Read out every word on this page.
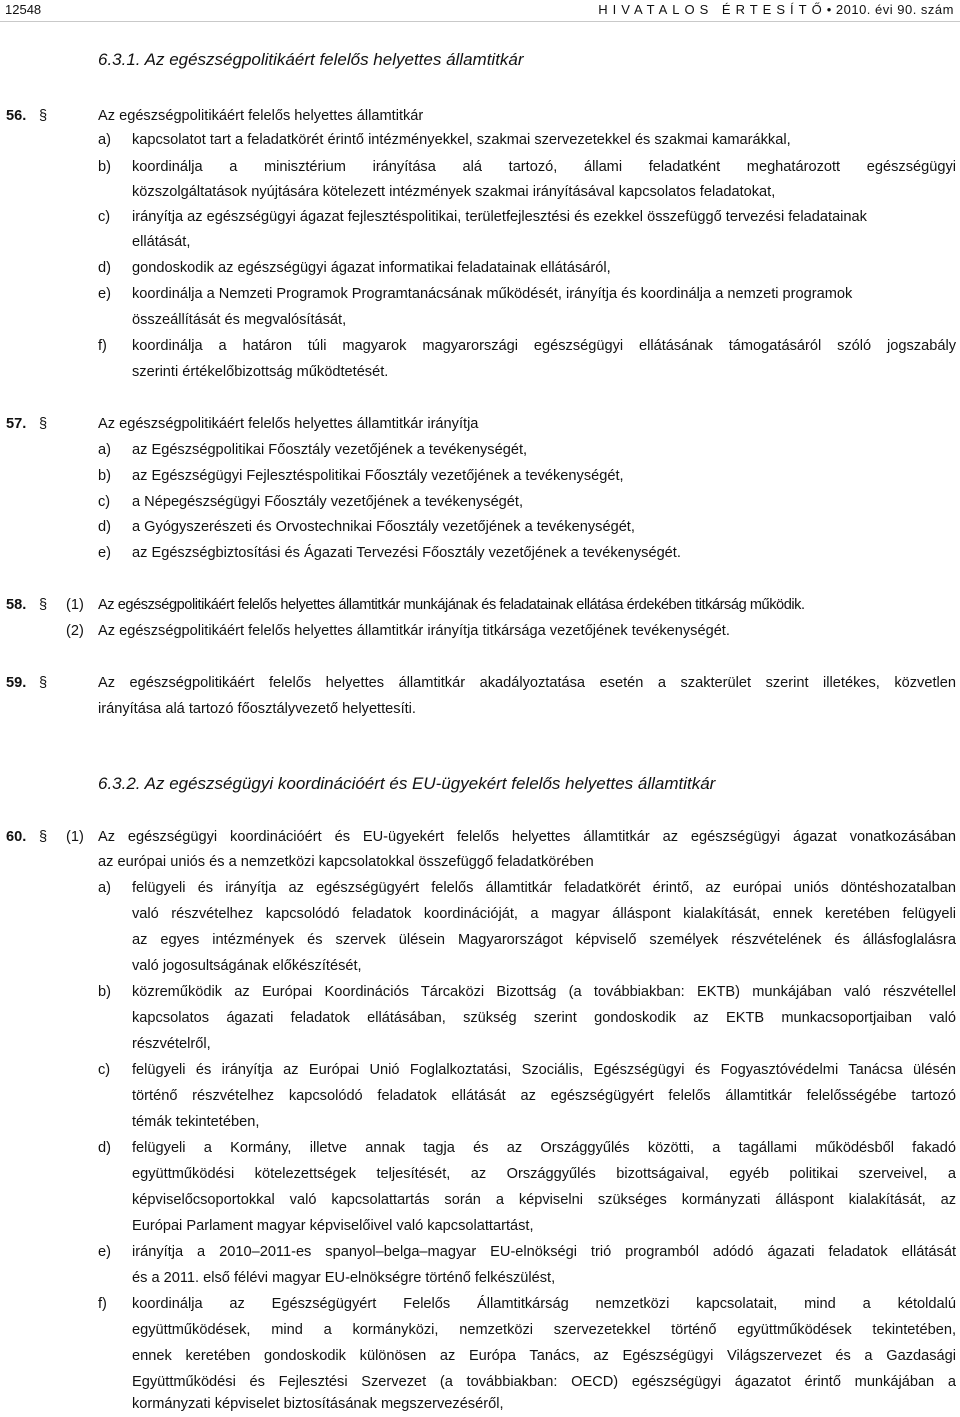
12548	HIVATALOS ÉRTESÍTŐ• 2010. évi 90. szám
6.3.1. Az egészségpolitikáért felelős helyettes államtitkár
56. §	Az egészségpolitikáért felelős helyettes államtitkár
a) kapcsolatot tart a feladatkörét érintő intézményekkel, szakmai szervezetekkel és szakmai kamarákkal,
b) koordinálja a minisztérium irányítása alá tartozó, állami feladatként meghatározott egészségügyi
közszolgáltatások nyújtására kötelezett intézmények szakmai irányításával kapcsolatos feladatokat,
c) irányítja az egészségügyi ágazat fejlesztéspolitikai, területfejlesztési és ezekkel összefüggő tervezési feladatainak
ellátását,
d) gondoskodik az egészségügyi ágazat informatikai feladatainak ellátásáról,
e) koordinálja a Nemzeti Programok Programtanácsának működését, irányítja és koordinálja a nemzeti programok
összeállítását és megvalósítását,
f) koordinálja a határon túli magyarok magyarországi egészségügyi ellátásának támogatásáról szóló jogszabály
szerinti értékelőbizottság működtetését.
57. §	Az egészségpolitikáért felelős helyettes államtitkár irányítja
a) az Egészségpolitikai Főosztály vezetőjének a tevékenységét,
b) az Egészségügyi Fejlesztéspolitikai Főosztály vezetőjének a tevékenységét,
c) a Népegészségügyi Főosztály vezetőjének a tevékenységét,
d) a Gyógyszerészeti és Orvostechnikai Főosztály vezetőjének a tevékenységét,
e) az Egészségbiztosítási és Ágazati Tervezési Főosztály vezetőjének a tevékenységét.
58. § (1) Az egészségpolitikáért felelős helyettes államtitkár munkájának és feladatainak ellátása érdekében titkárság működik.
(2) Az egészségpolitikáért felelős helyettes államtitkár irányítja titkársága vezetőjének tevékenységét.
59. §	Az egészségpolitikáért felelős helyettes államtitkár akadályoztatása esetén a szakterület szerint illetékes, közvetlen
irányítása alá tartozó főosztályvezető helyettesíti.
6.3.2. Az egészségügyi koordinációért és EU-ügyekért felelős helyettes államtitkár
60. § (1) Az egészségügyi koordinációért és EU-ügyekért felelős helyettes államtitkár az egészségügyi ágazat vonatkozásában
az európai uniós és a nemzetközi kapcsolatokkal összefüggő feladatkörében
a) felügyeli és irányítja az egészségügyért felelős államtitkár feladatkörét érintő, az európai uniós döntéshozatalban
való részvételhez kapcsolódó feladatok koordinációját, a magyar álláspont kialakítását, ennek keretében felügyeli
az egyes intézmények és szervek ülésein Magyarországot képviselő személyek részvételének és állásfoglalásra
való jogosultságának előkészítését,
b) közreműködik az Európai Koordinációs Tárcaközi Bizottság (a továbbiakban: EKTB) munkájában való részvétellel
kapcsolatos ágazati feladatok ellátásában, szükség szerint gondoskodik az EKTB munkacsoportjaiban való
részvételről,
c) felügyeli és irányítja az Európai Unió Foglalkoztatási, Szociális, Egészségügyi és Fogyasztóvédelmi Tanácsa ülésén
történő részvételhez kapcsolódó feladatok ellátását az egészségügyért felelős államtitkár felelősségébe tartozó
témák tekintetében,
d) felügyeli a Kormány, illetve annak tagja és az Országgyűlés közötti, a tagállami működésből fakadó
együttműködési kötelezettségek teljesítését, az Országgyűlés bizottságaival, egyéb politikai szerveivel, a
képviselőcsoportokkal való kapcsolattartás során a képviselni szükséges kormányzati álláspont kialakítását, az
Európai Parlament magyar képviselőivel való kapcsolattartást,
e) irányítja a 2010–2011-es spanyol–belga–magyar EU-elnökségi trió programból adódó ágazati feladatok ellátását
és a 2011. első félévi magyar EU-elnökségre történő felkészülést,
f) koordinálja az Egészségügyért Felelős Államtitkárság nemzetközi kapcsolatait, mind a kétoldalú
együttműködések, mind a kormányközi, nemzetközi szervezetekkel történő együttműködések tekintetében,
ennek keretében gondoskodik különösen az Európa Tanács, az Egészségügyi Világszervezet és a Gazdasági
Együttműködési és Fejlesztési Szervezet (a továbbiakban: OECD) egészségügyi ágazatot érintő munkájában a
kormányzati képviselet biztosításának megszervezéséről,
